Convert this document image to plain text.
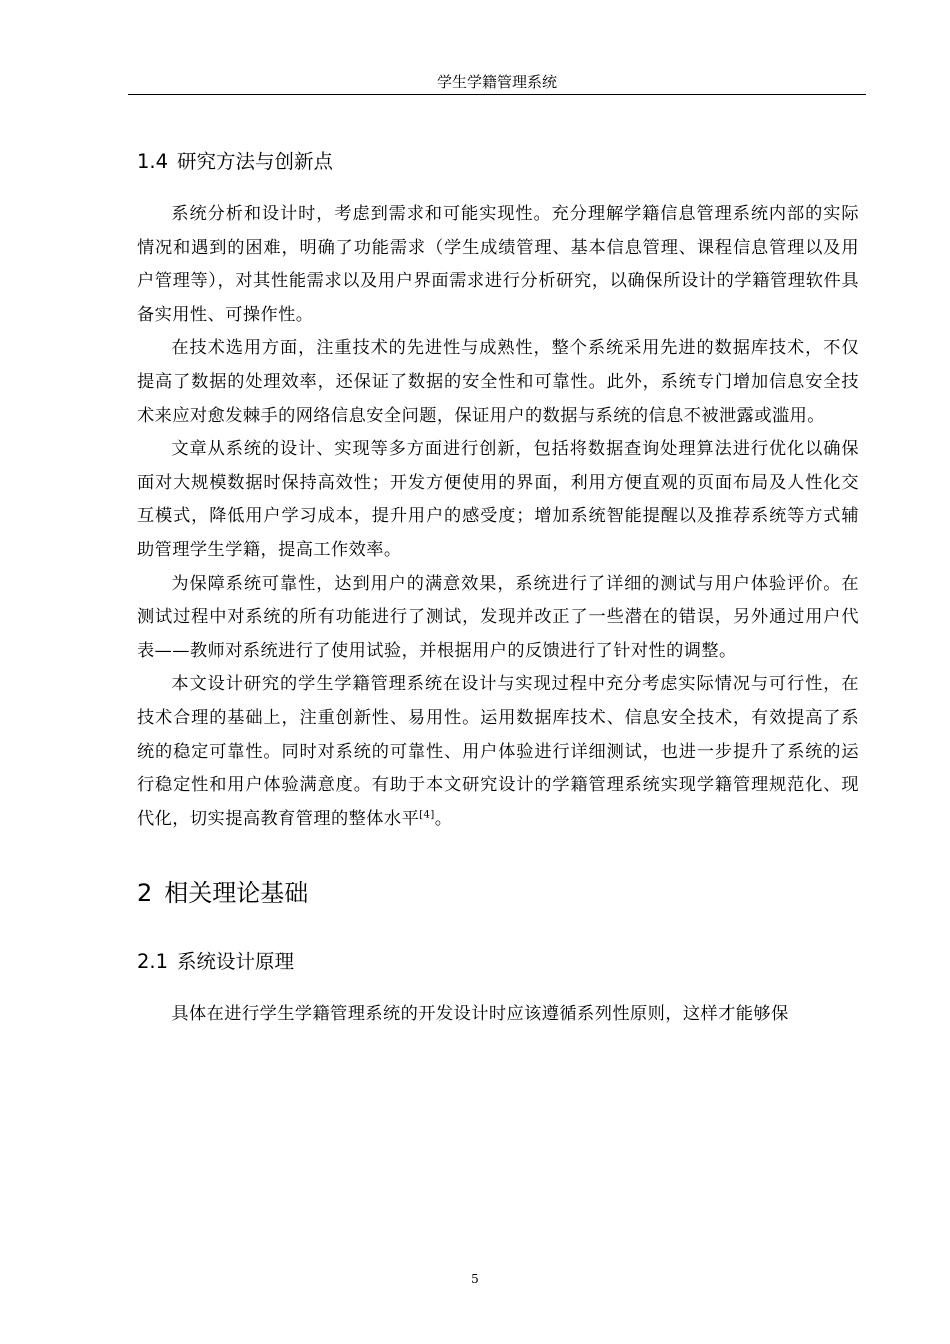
学生学籍管理系统
1.4 研究方法与创新点

系统分析和设计时，考虑到需求和可能实现性。充分理解学籍信息管理系统内部的实际情况和遇到的困难，明确了功能需求（学生成绩管理、基本信息管理、课程信息管理以及用户管理等），对其性能需求以及用户界面需求进行分析研究，以确保所设计的学籍管理软件具备实用性、可操作性。

在技术选用方面，注重技术的先进性与成熟性，整个系统采用先进的数据库技术，不仅提高了数据的处理效率，还保证了数据的安全性和可靠性。此外，系统专门增加信息安全技术来应对愈发棘手的网络信息安全问题，保证用户的数据与系统的信息不被泄露或滥用。

文章从系统的设计、实现等多方面进行创新，包括将数据查询处理算法进行优化以确保面对大规模数据时保持高效性；开发方便使用的界面，利用方便直观的页面布局及人性化交互模式，降低用户学习成本，提升用户的感受度；增加系统智能提醒以及推荐系统等方式辅助管理学生学籍，提高工作效率。

为保障系统可靠性，达到用户的满意效果，系统进行了详细的测试与用户体验评价。在测试过程中对系统的所有功能进行了测试，发现并改正了一些潜在的错误，另外通过用户代表——教师对系统进行了使用试验，并根据用户的反馈进行了针对性的调整。

本文设计研究的学生学籍管理系统在设计与实现过程中充分考虑实际情况与可行性，在技术合理的基础上，注重创新性、易用性。运用数据库技术、信息安全技术，有效提高了系统的稳定可靠性。同时对系统的可靠性、用户体验进行详细测试，也进一步提升了系统的运行稳定性和用户体验满意度。有助于本文研究设计的学籍管理系统实现学籍管理规范化、现代化，切实提高教育管理的整体水平[4]。

2 相关理论基础
2.1 系统设计原理

具体在进行学生学籍管理系统的开发设计时应该遵循系列性原则，这样才能够保

5
